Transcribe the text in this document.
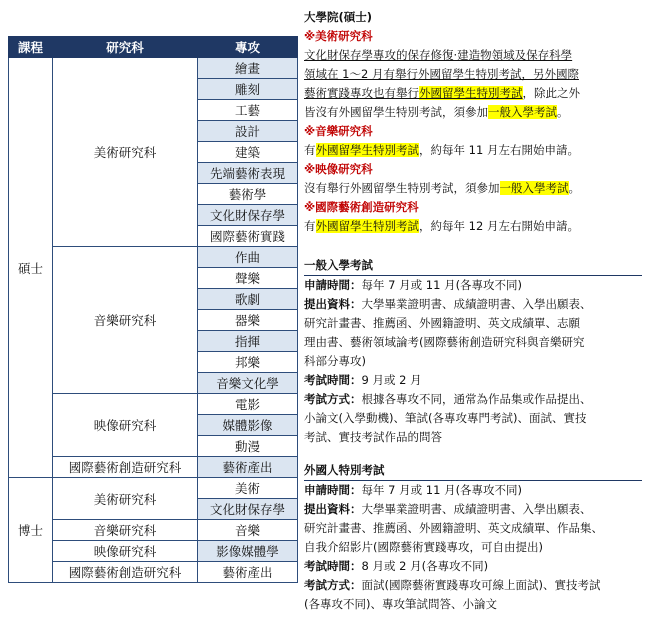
課程	研究科	專攻
碩士	美術研究科	繪畫
		雕刻
		工藝
		設計
		建築
		先端藝術表現
		藝術學
		文化財保存學
		國際藝術實踐
	音樂研究科	作曲
		聲樂
		歌劇
		器樂
		指揮
		邦樂
		音樂文化學
	映像研究科	電影
		媒體影像
		動漫
	國際藝術創造研究科	藝術產出
博士	美術研究科	美術
		文化財保存學
	音樂研究科	音樂
	映像研究科	影像媒體學
	國際藝術創造研究科	藝術產出

大學院(碩士)

※美術研究科

文化財保存學專攻的保存修復‧建造物領域及保存科學

領域在 1～2 月有舉行外國留學生特別考試，另外國際

藝術實踐專攻也有舉行外國留學生特別考試，除此之外

皆沒有外國留學生特別考試，須參加一般入學考試。

※音樂研究科

有外國留學生特別考試，約每年 11 月左右開始申請。

※映像研究科

沒有舉行外國留學生特別考試，須參加一般入學考試。

※國際藝術創造研究科

有外國留學生特別考試，約每年 12 月左右開始申請。

一般入學考試

申請時間：每年 7 月或 11 月(各專攻不同)

提出資料：大學畢業證明書、成績證明書、入學出願表、

研究計畫書、推薦函、外國籍證明、英文成績單、志願

理由書、藝術領域論考(國際藝術創造研究科與音樂研究

科部分專攻)

考試時間：9 月或 2 月

考試方式：根據各專攻不同，通常為作品集或作品提出、

小論文(入學動機)、筆試(各專攻專門考試)、面試、實技

考試、實技考試作品的問答

外國人特別考試

申請時間：每年 7 月或 11 月(各專攻不同)

提出資料：大學畢業證明書、成績證明書、入學出願表、

研究計畫書、推薦函、外國籍證明、英文成績單、作品集、

自我介紹影片(國際藝術實踐專攻，可自由提出)

考試時間：8 月或 2 月(各專攻不同)

考試方式：面試(國際藝術實踐專攻可線上面試)、實技考試

(各專攻不同)、專攻筆試問答、小論文
